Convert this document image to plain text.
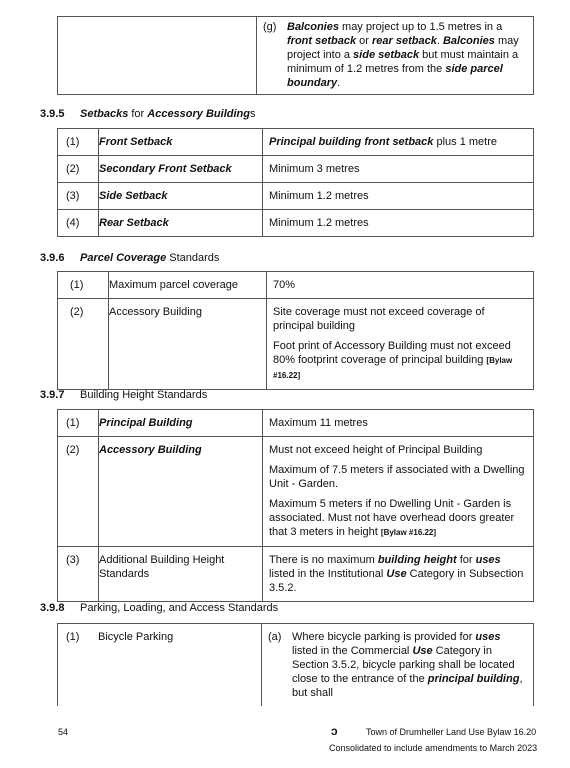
(g) Balconies may project up to 1.5 metres in a front setback or rear setback. Balconies may project into a side setback but must maintain a minimum of 1.2 metres from the side parcel boundary.
3.9.5 Setbacks for Accessory Buildings
(1)	Front Setback	Principal building front setback plus 1 metre
(2)	Secondary Front Setback	Minimum 3 metres
(3)	Side Setback	Minimum 1.2 metres
(4)	Rear Setback	Minimum 1.2 metres
3.9.6 Parcel Coverage Standards
(1)	Maximum parcel coverage	70%

(2)	Accessory Building	Site coverage must not exceed coverage of principal building

Foot print of Accessory Building must not exceed 80% footprint coverage of principal building [Bylaw #16.22]

3.9.7 Building Height Standards
(1)	Principal Building	Maximum 11 metres
(2)	Accessory Building	Must not exceed height of Principal Building

Maximum of 7.5 meters if associated with a Dwelling Unit - Garden.

Maximum 5 meters if no Dwelling Unit - Garden is associated. Must not have overhead doors greater that 3 meters in height [Bylaw #16.22]

(3)	Additional Building Height Standards	There is no maximum building height for uses listed in the Institutional Use Category in Subsection 3.5.2.
3.9.8 Parking, Loading, and Access Standards
(1)	Bicycle Parking	(a) Where bicycle parking is provided for uses listed in the Commercial Use Category in Section 3.5.2, bicycle parking shall be located close to the entrance of the principal building, but shall
54	ɔ	Town of Drumheller Land Use Bylaw 16.20
Consolidated to include amendments to March 2023
